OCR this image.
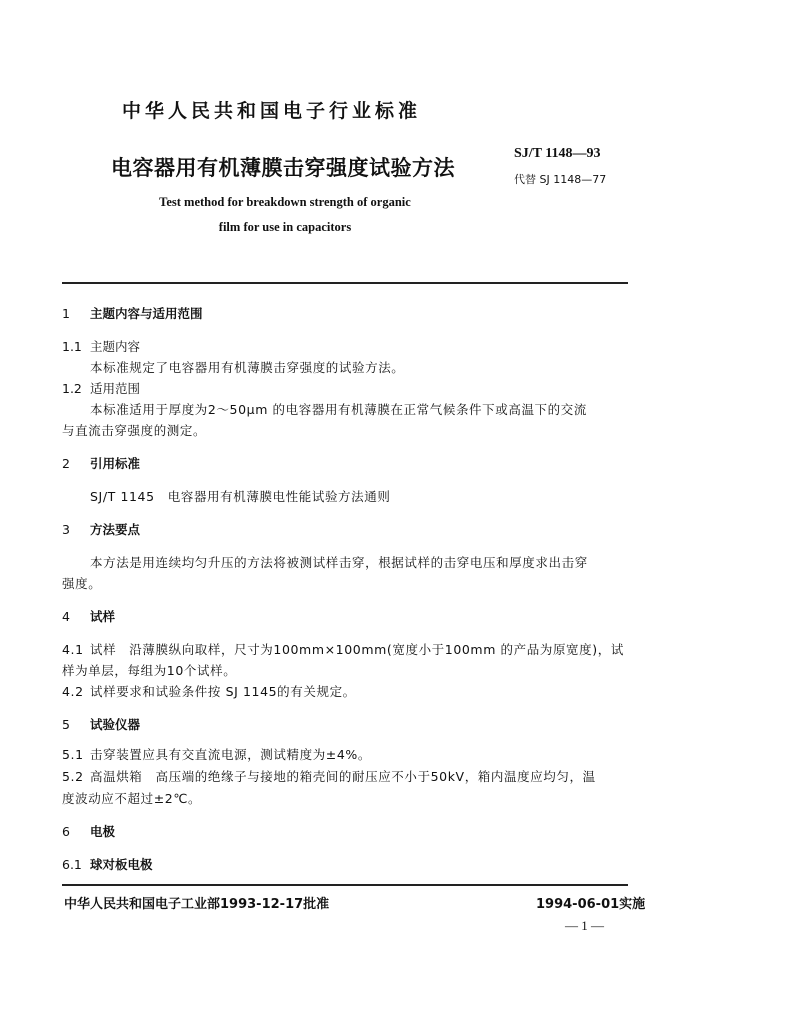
中华人民共和国电子行业标准
电容器用有机薄膜击穿强度试验方法
SJ/T 1148—93
代替 SJ 1148—77
Test method for breakdown strength of organic
film for use in capacitors
1 主题内容与适用范围
1.1 主题内容
本标准规定了电容器用有机薄膜击穿强度的试验方法。
1.2 适用范围
本标准适用于厚度为2～50μm 的电容器用有机薄膜在正常气候条件下或高温下的交流
与直流击穿强度的测定。
2 引用标准
SJ/T 1145　电容器用有机薄膜电性能试验方法通则
3 方法要点
本方法是用连续均匀升压的方法将被测试样击穿，根据试样的击穿电压和厚度求出击穿
强度。
4 试样
4.1 试样　沿薄膜纵向取样，尺寸为100mm×100mm(宽度小于100mm 的产品为原宽度)，试
样为单层，每组为10个试样。
4.2 试样要求和试验条件按 SJ 1145的有关规定。
5 试验仪器
5.1 击穿装置应具有交直流电源，测试精度为±4%。
5.2 高温烘箱　高压端的绝缘子与接地的箱壳间的耐压应不小于50kV，箱内温度应均匀，温
度波动应不超过±2℃。
6 电极
6.1 球对板电极
中华人民共和国电子工业部1993-12-17批准	1994-06-01实施
— 1 —
